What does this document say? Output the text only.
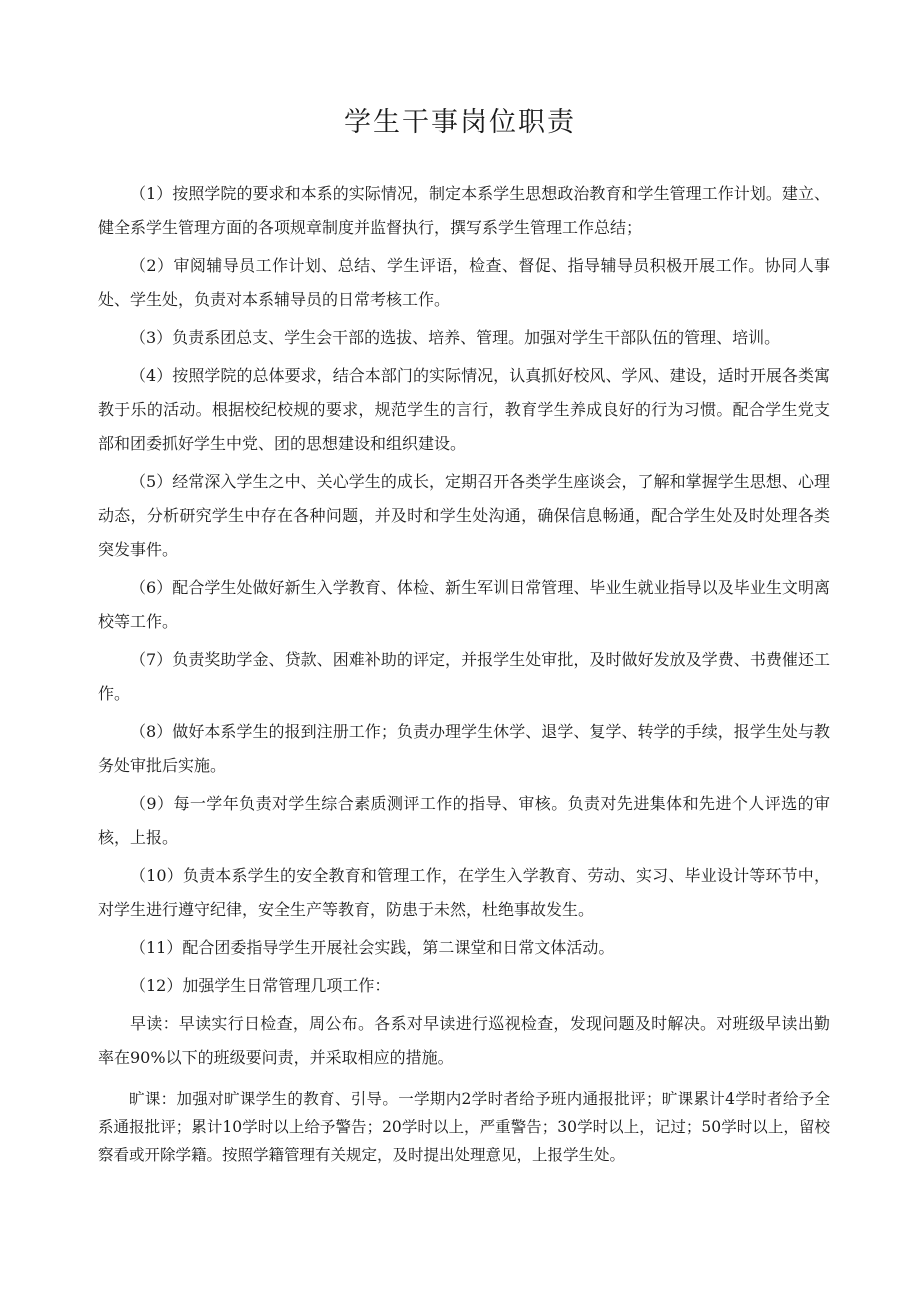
学生干事岗位职责

（1）按照学院的要求和本系的实际情况，制定本系学生思想政治教育和学生管理工作计划。建立、健全系学生管理方面的各项规章制度并监督执行，撰写系学生管理工作总结；

（2）审阅辅导员工作计划、总结、学生评语，检查、督促、指导辅导员积极开展工作。协同人事处、学生处，负责对本系辅导员的日常考核工作。

（3）负责系团总支、学生会干部的选拔、培养、管理。加强对学生干部队伍的管理、培训。

（4）按照学院的总体要求，结合本部门的实际情况，认真抓好校风、学风、建设，适时开展各类寓教于乐的活动。根据校纪校规的要求，规范学生的言行，教育学生养成良好的行为习惯。配合学生党支部和团委抓好学生中党、团的思想建设和组织建设。

（5）经常深入学生之中、关心学生的成长，定期召开各类学生座谈会，了解和掌握学生思想、心理动态，分析研究学生中存在各种问题，并及时和学生处沟通，确保信息畅通，配合学生处及时处理各类突发事件。

（6）配合学生处做好新生入学教育、体检、新生军训日常管理、毕业生就业指导以及毕业生文明离校等工作。

（7）负责奖助学金、贷款、困难补助的评定，并报学生处审批，及时做好发放及学费、书费催还工作。

（8）做好本系学生的报到注册工作；负责办理学生休学、退学、复学、转学的手续，报学生处与教务处审批后实施。

（9）每一学年负责对学生综合素质测评工作的指导、审核。负责对先进集体和先进个人评选的审核，上报。

（10）负责本系学生的安全教育和管理工作，在学生入学教育、劳动、实习、毕业设计等环节中，对学生进行遵守纪律，安全生产等教育，防患于未然，杜绝事故发生。

（11）配合团委指导学生开展社会实践，第二课堂和日常文体活动。

（12）加强学生日常管理几项工作：

早读：早读实行日检查，周公布。各系对早读进行巡视检查，发现问题及时解决。对班级早读出勤率在90%以下的班级要问责，并采取相应的措施。

旷课：加强对旷课学生的教育、引导。一学期内2学时者给予班内通报批评；旷课累计4学时者给予全系通报批评；累计10学时以上给予警告；20学时以上，严重警告；30学时以上，记过；50学时以上，留校察看或开除学籍。按照学籍管理有关规定，及时提出处理意见，上报学生处。
